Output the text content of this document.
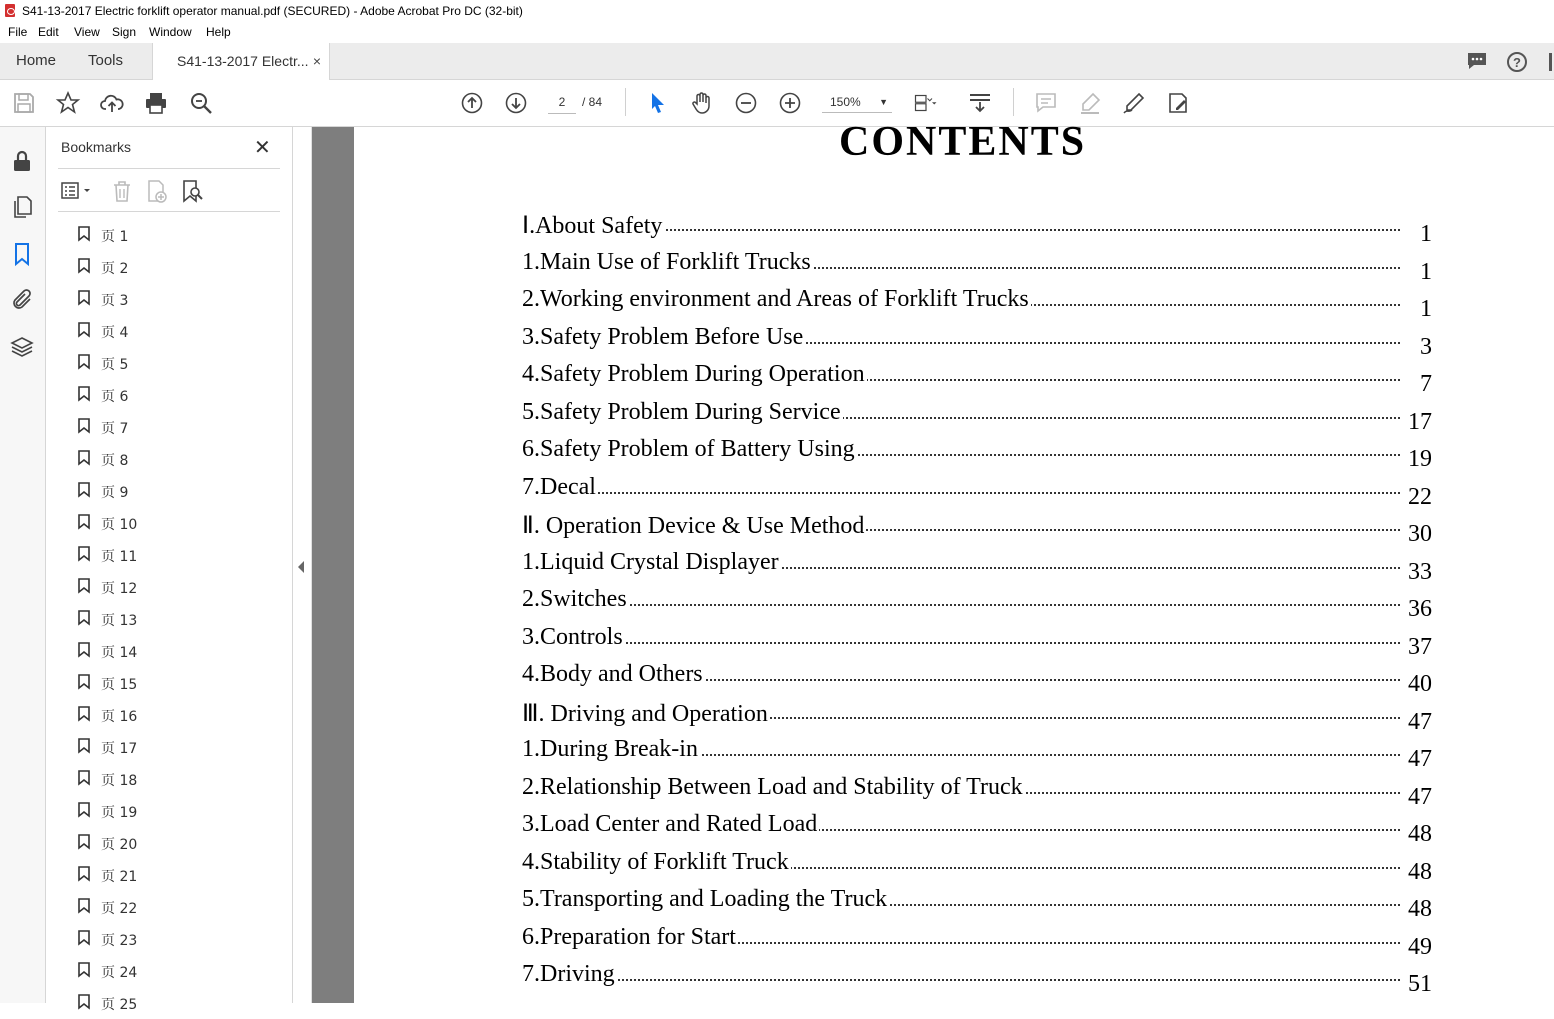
S41-13-2017 Electric forklift operator manual.pdf (SECURED) - Adobe Acrobat Pro DC (32-bit)
File Edit View Sign Window Help
Home Tools	S41-13-2017 Electr... ×	?
2	/ 84	150% ▼
Bookmarks	✕
页 1
页 2
页 3
页 4
页 5
页 6
页 7
页 8
页 9
页 10
页 11
页 12
页 13
页 14
页 15
页 16
页 17
页 18
页 19
页 20
页 21
页 22
页 23
页 24
页 25
CONTENTS
Ⅰ.About Safety	1
1.Main Use of Forklift Trucks	1
2.Working environment and Areas of Forklift Trucks	1
3.Safety Problem Before Use	3
4.Safety Problem During Operation	7
5.Safety Problem During Service	17
6.Safety Problem of Battery Using	19
7.Decal	22
Ⅱ. Operation Device & Use Method	30
1.Liquid Crystal Displayer	33
2.Switches	36
3.Controls	37
4.Body and Others	40
Ⅲ. Driving and Operation	47
1.During Break-in	47
2.Relationship Between Load and Stability of Truck	47
3.Load Center and Rated Load	48
4.Stability of Forklift Truck	48
5.Transporting and Loading the Truck	48
6.Preparation for Start	49
7.Driving	51
